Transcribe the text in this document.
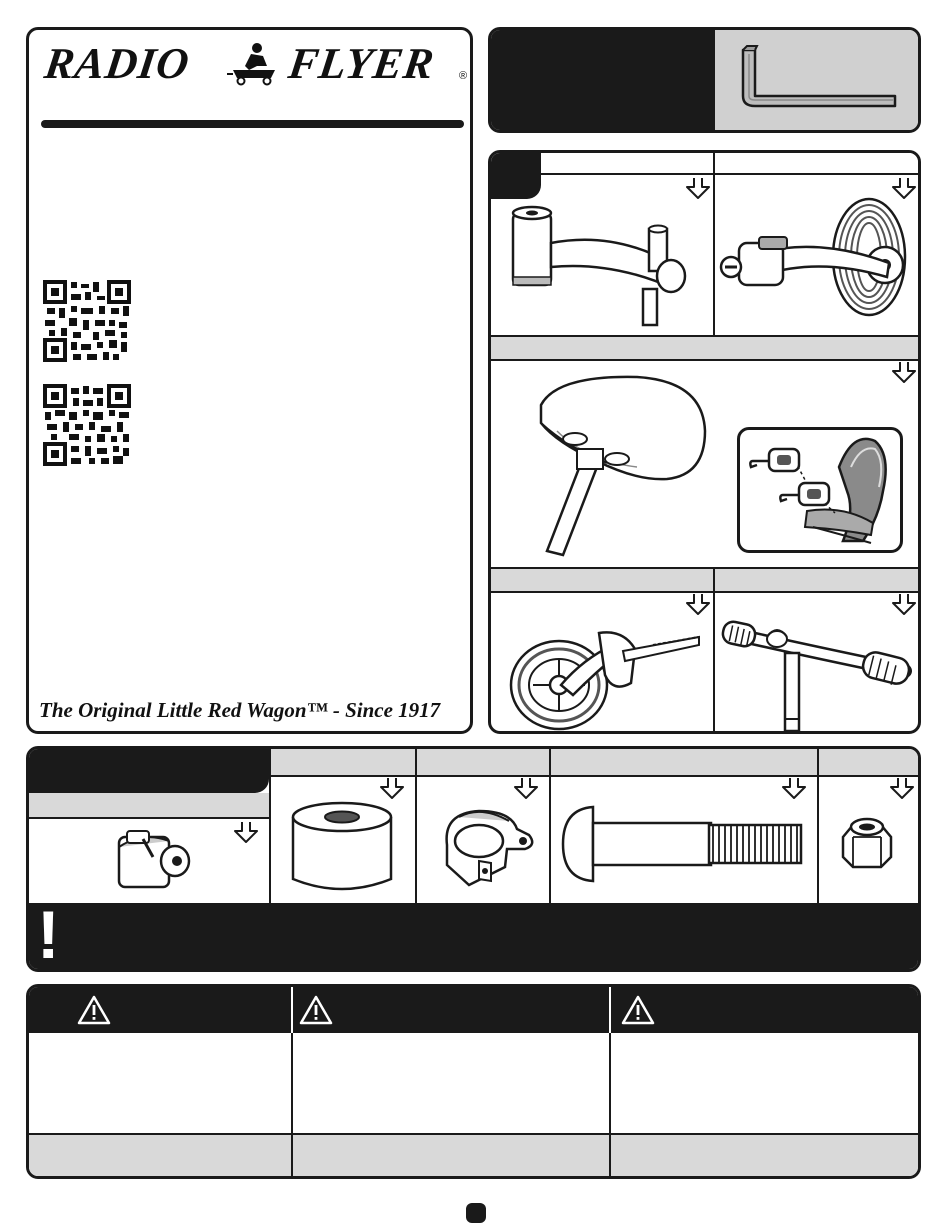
RADIO FLYER ®
The Original Little Red Wagon™ - Since 1917
!
